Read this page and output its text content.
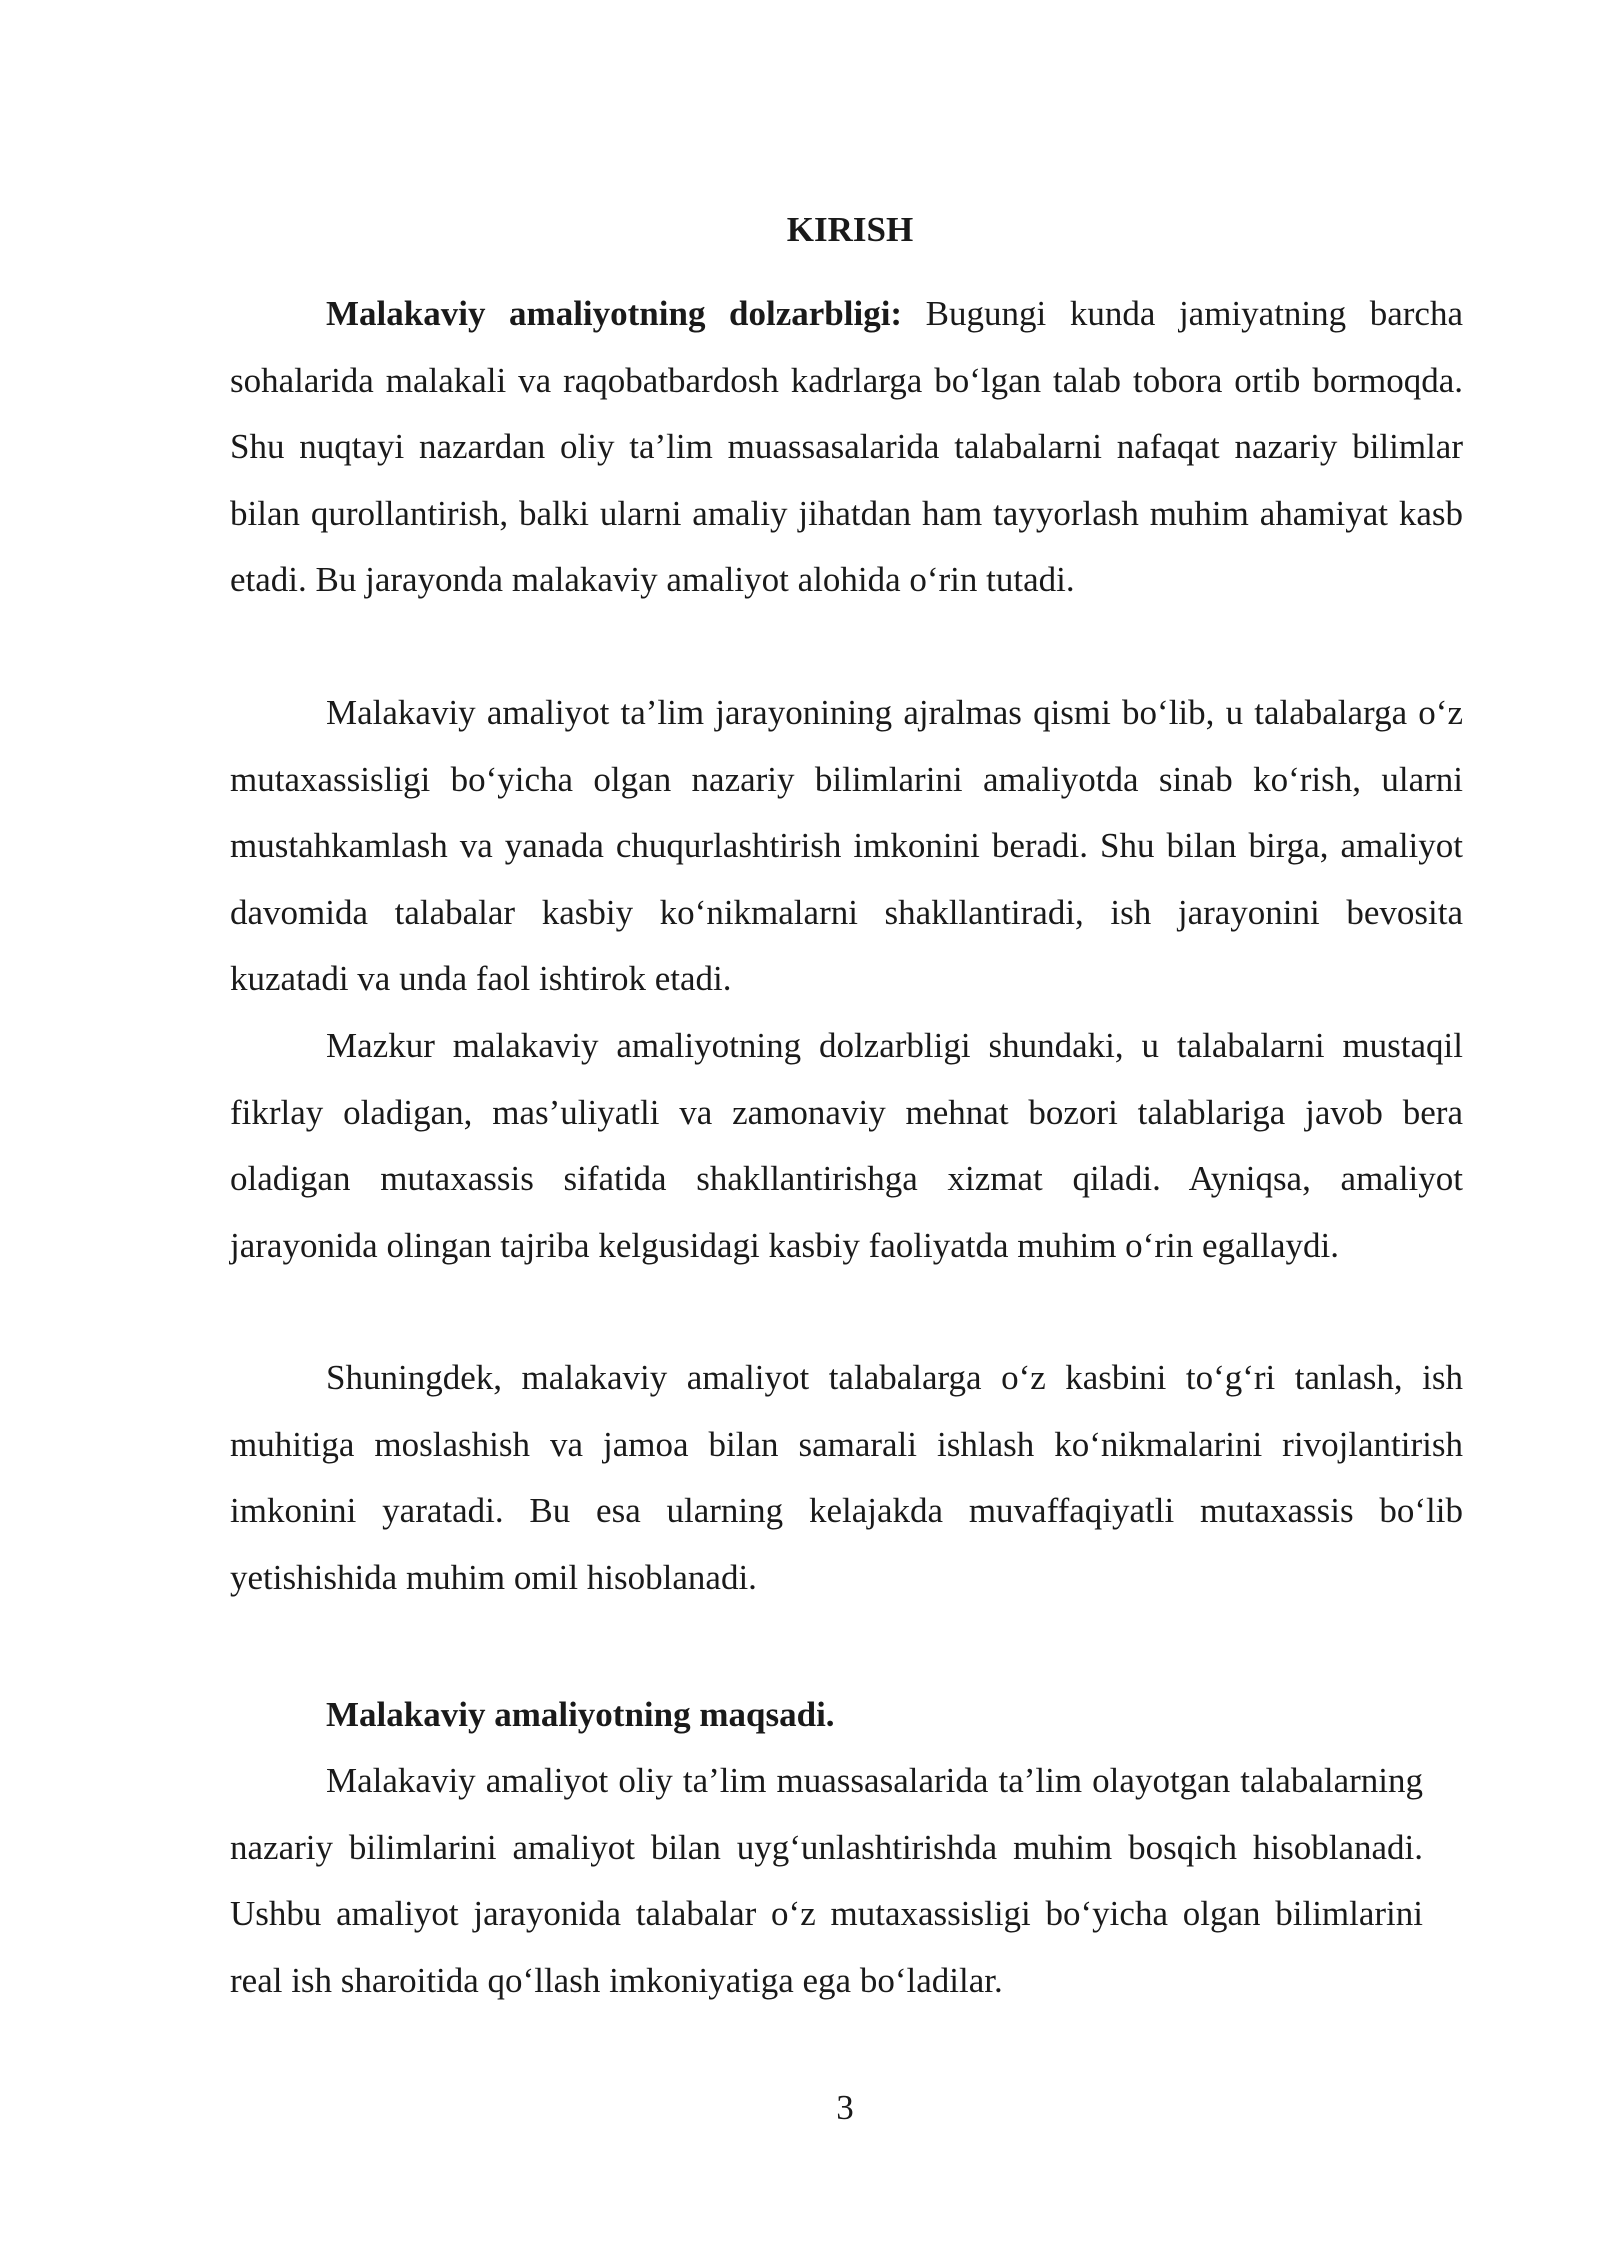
KIRISH

Malakaviy amaliyotning dolzarbligi: Bugungi kunda jamiyatning barcha sohalarida malakali va raqobatbardosh kadrlarga bo‘lgan talab tobora ortib bormoqda. Shu nuqtayi nazardan oliy ta’lim muassasalarida talabalarni nafaqat nazariy bilimlar bilan qurollantirish, balki ularni amaliy jihatdan ham tayyorlash muhim ahamiyat kasb etadi. Bu jarayonda malakaviy amaliyot alohida o‘rin tutadi.

Malakaviy amaliyot ta’lim jarayonining ajralmas qismi bo‘lib, u talabalarga o‘z mutaxassisligi bo‘yicha olgan nazariy bilimlarini amaliyotda sinab ko‘rish, ularni mustahkamlash va yanada chuqurlashtirish imkonini beradi. Shu bilan birga, amaliyot davomida talabalar kasbiy ko‘nikmalarni shakllantiradi, ish jarayonini bevosita kuzatadi va unda faol ishtirok etadi.

Mazkur malakaviy amaliyotning dolzarbligi shundaki, u talabalarni mustaqil fikrlay oladigan, mas’uliyatli va zamonaviy mehnat bozori talablariga javob bera oladigan mutaxassis sifatida shakllantirishga xizmat qiladi. Ayniqsa, amaliyot jarayonida olingan tajriba kelgusidagi kasbiy faoliyatda muhim o‘rin egallaydi.

Shuningdek, malakaviy amaliyot talabalarga o‘z kasbini to‘g‘ri tanlash, ish muhitiga moslashish va jamoa bilan samarali ishlash ko‘nikmalarini rivojlantirish imkonini yaratadi. Bu esa ularning kelajakda muvaffaqiyatli mutaxassis bo‘lib yetishishida muhim omil hisoblanadi.

Malakaviy amaliyotning maqsadi.

Malakaviy amaliyot oliy ta’lim muassasalarida ta’lim olayotgan talabalarning nazariy bilimlarini amaliyot bilan uyg‘unlashtirishda muhim bosqich hisoblanadi. Ushbu amaliyot jarayonida talabalar o‘z mutaxassisligi bo‘yicha olgan bilimlarini real ish sharoitida qo‘llash imkoniyatiga ega bo‘ladilar.

3
